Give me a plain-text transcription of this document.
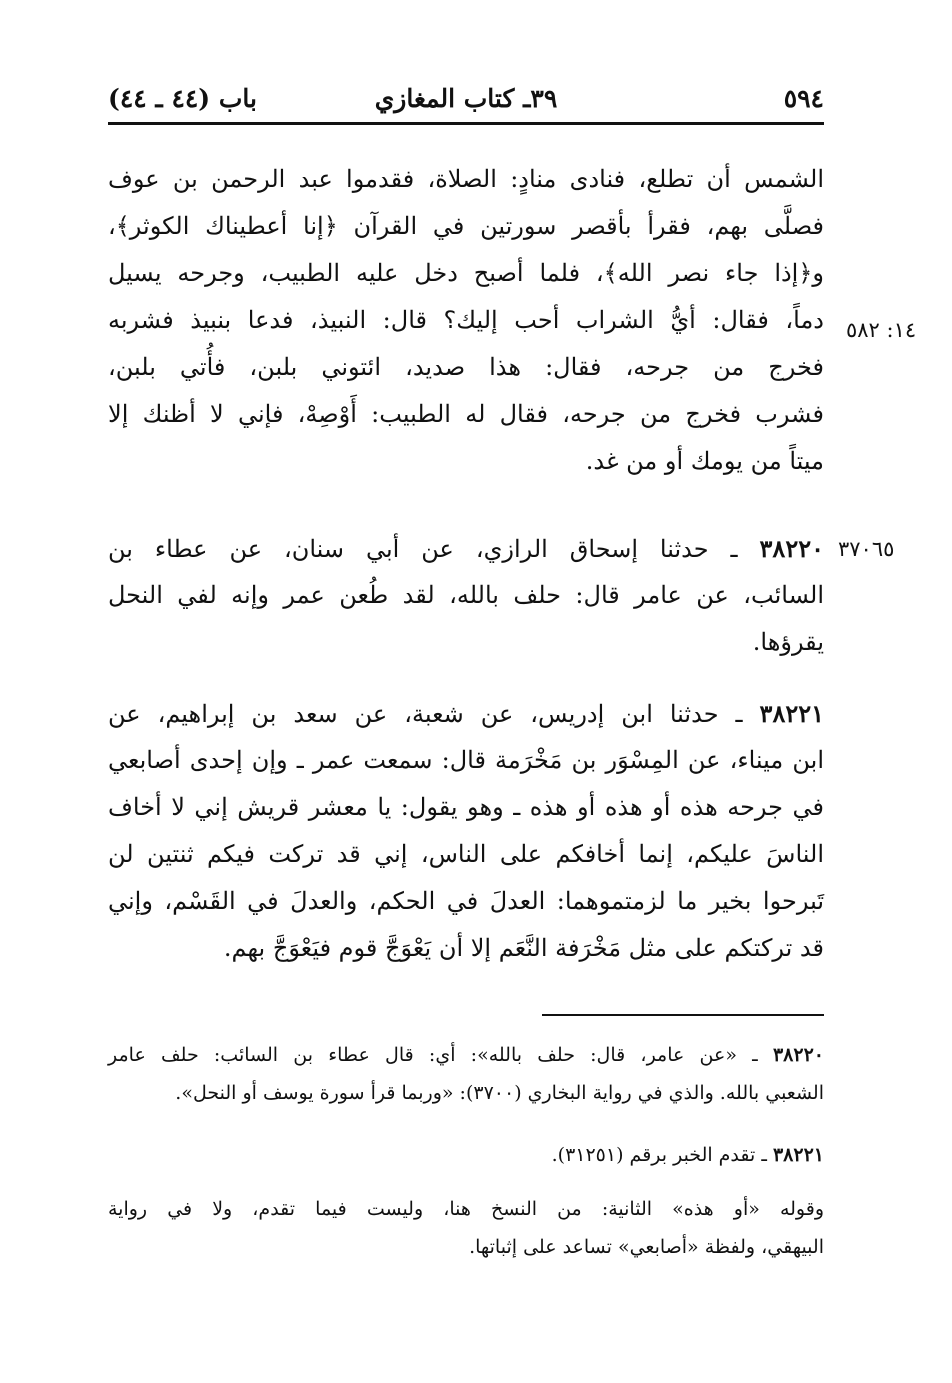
٥٩٤
٣٩ـ كتاب المغازي
باب (٤٤ ـ ٤٤)
١٤: ٥٨٢
٣٧٠٦٥
الشمس أن تطلع، فنادى منادٍ: الصلاة، فقدموا عبد الرحمن بن عوف
فصلَّى بهم، فقرأ بأقصر سورتين في القرآن ﴿إنا أعطيناك الكوثر﴾،
و﴿إذا جاء نصر الله﴾، فلما أصبح دخل عليه الطبيب، وجرحه يسيل
دماً، فقال: أيُّ الشراب أحب إليك؟ قال: النبيذ، فدعا بنبيذ فشربه
فخرج من جرحه، فقال: هذا صديد، ائتوني بلبن، فأُتي بلبن،
فشرب فخرج من جرحه، فقال له الطبيب: أَوْصِهْ، فإني لا أظنك إلا
ميتاً من يومك أو من غد.
٣٨٢٢٠ ـ حدثنا إسحاق الرازي، عن أبي سنان، عن عطاء بن
السائب، عن عامر قال: حلف بالله، لقد طُعن عمر وإنه لفي النحل
يقرؤها.
٣٨٢٢١ ـ حدثنا ابن إدريس، عن شعبة، عن سعد بن إبراهيم، عن
ابن ميناء، عن المِسْوَر بن مَخْرَمة قال: سمعت عمر ـ وإن إحدى أصابعي
في جرحه هذه أو هذه أو هذه ـ وهو يقول: يا معشر قريش إني لا أخاف
الناسَ عليكم، إنما أخافكم على الناس، إني قد تركت فيكم ثنتين لن
تَبرحوا بخير ما لزمتموهما: العدلَ في الحكم، والعدلَ في القَسْم، وإني
قد تركتكم على مثل مَخْرَفة النَّعَم إلا أن يَعْوَجَّ قوم فيَعْوَجَّ بهم.
٣٨٢٢٠ ـ «عن عامر، قال: حلف بالله»: أي: قال عطاء بن السائب: حلف عامر
الشعبي بالله. والذي في رواية البخاري (٣٧٠٠): «وربما قرأ سورة يوسف أو النحل».
٣٨٢٢١ ـ تقدم الخبر برقم (٣١٢٥١).
وقوله «أو هذه» الثانية: من النسخ هنا، وليست فيما تقدم، ولا في رواية
البيهقي، ولفظة «أصابعي» تساعد على إثباتها.
